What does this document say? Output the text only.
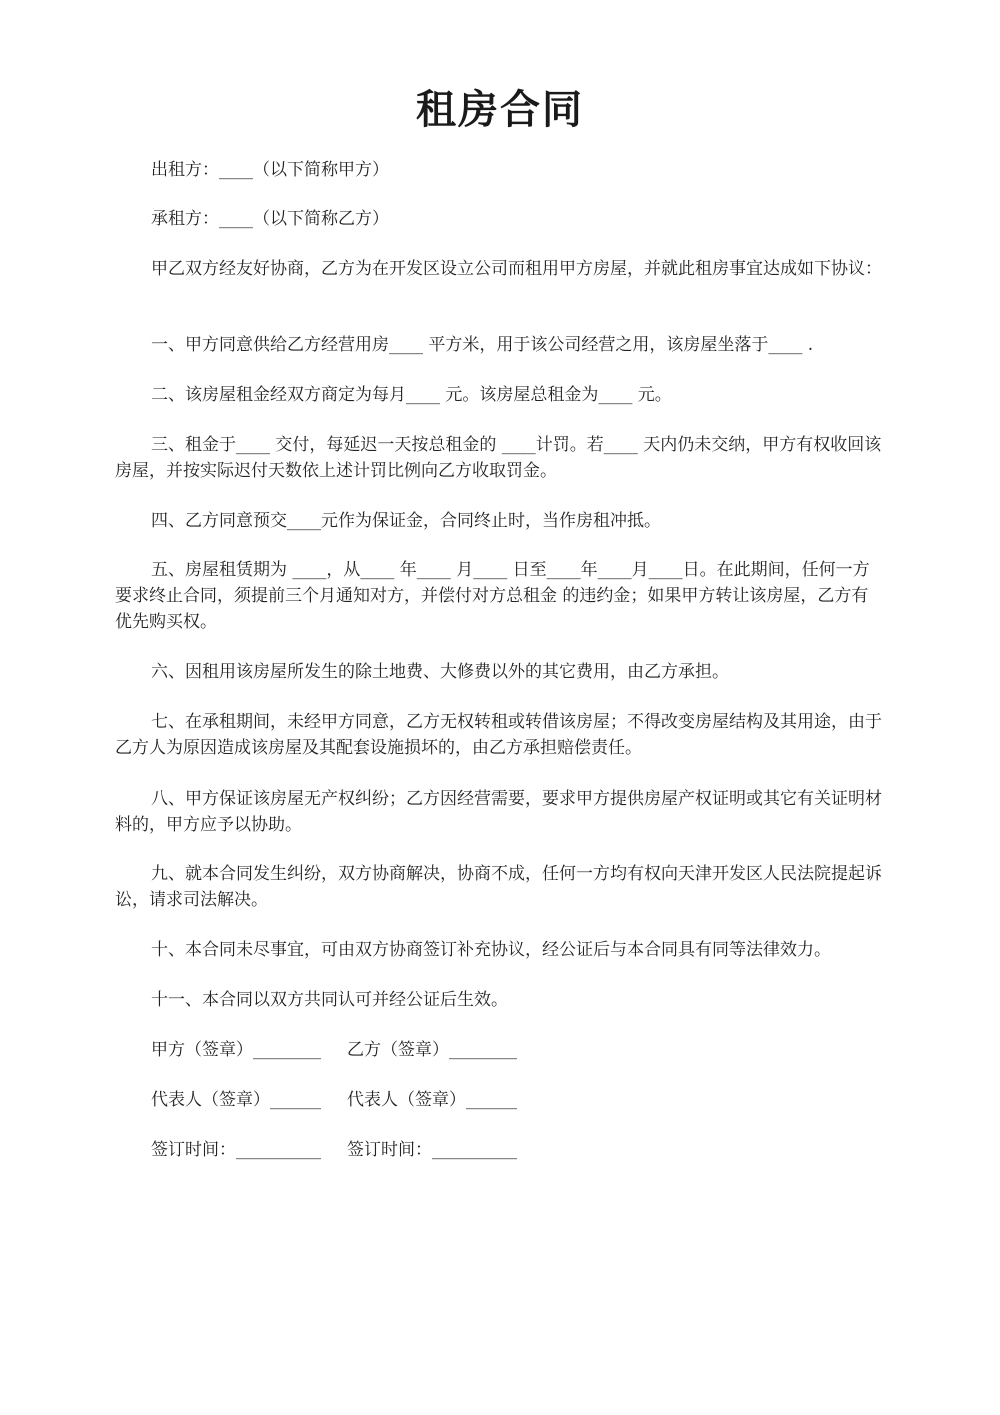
租房合同

出租方：____（以下简称甲方）

承租方：____（以下简称乙方）

甲乙双方经友好协商，乙方为在开发区设立公司而租用甲方房屋，并就此租房事宜达成如下协议：

一、甲方同意供给乙方经营用房____ 平方米，用于该公司经营之用，该房屋坐落于____ .

二、该房屋租金经双方商定为每月____ 元。该房屋总租金为____ 元。

三、租金于____ 交付，每延迟一天按总租金的 ____计罚。若____ 天内仍未交纳，甲方有权收回该房屋，并按实际迟付天数依上述计罚比例向乙方收取罚金。

四、乙方同意预交____元作为保证金，合同终止时，当作房租冲抵。

五、房屋租赁期为 ____，从____ 年____ 月____ 日至____年____月____日。在此期间，任何一方要求终止合同，须提前三个月通知对方，并偿付对方总租金 的违约金；如果甲方转让该房屋，乙方有优先购买权。

六、因租用该房屋所发生的除土地费、大修费以外的其它费用，由乙方承担。

七、在承租期间，未经甲方同意，乙方无权转租或转借该房屋；不得改变房屋结构及其用途，由于乙方人为原因造成该房屋及其配套设施损坏的，由乙方承担赔偿责任。

八、甲方保证该房屋无产权纠纷；乙方因经营需要，要求甲方提供房屋产权证明或其它有关证明材料的，甲方应予以协助。

九、就本合同发生纠纷，双方协商解决，协商不成，任何一方均有权向天津开发区人民法院提起诉讼，请求司法解决。

十、本合同未尽事宜，可由双方协商签订补充协议，经公证后与本合同具有同等法律效力。

十一、本合同以双方共同认可并经公证后生效。

甲方（签章）________ 乙方（签章）________

代表人（签章）______ 代表人（签章）______

签订时间：__________ 签订时间：__________
